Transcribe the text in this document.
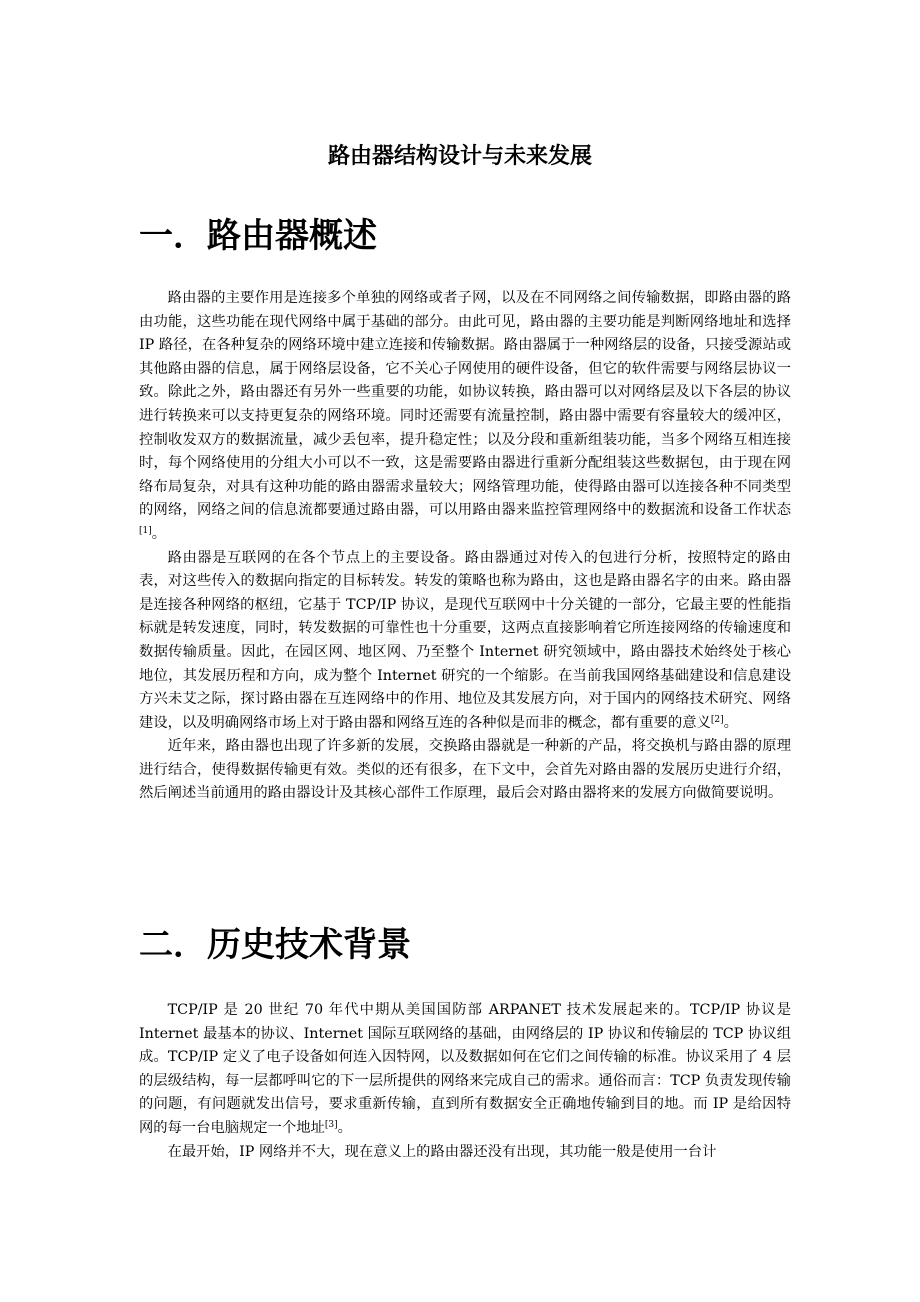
路由器结构设计与未来发展
一．路由器概述

路由器的主要作用是连接多个单独的网络或者子网，以及在不同网络之间传输数据，即路由器的路由功能，这些功能在现代网络中属于基础的部分。由此可见，路由器的主要功能是判断网络地址和选择 IP 路径，在各种复杂的网络环境中建立连接和传输数据。路由器属于一种网络层的设备，只接受源站或其他路由器的信息，属于网络层设备，它不关心子网使用的硬件设备，但它的软件需要与网络层协议一致。除此之外，路由器还有另外一些重要的功能，如协议转换，路由器可以对网络层及以下各层的协议进行转换来可以支持更复杂的网络环境。同时还需要有流量控制，路由器中需要有容量较大的缓冲区，控制收发双方的数据流量，减少丢包率，提升稳定性；以及分段和重新组装功能，当多个网络互相连接时，每个网络使用的分组大小可以不一致，这是需要路由器进行重新分配组装这些数据包，由于现在网络布局复杂，对具有这种功能的路由器需求量较大；网络管理功能，使得路由器可以连接各种不同类型的网络，网络之间的信息流都要通过路由器，可以用路由器来监控管理网络中的数据流和设备工作状态[1]。

路由器是互联网的在各个节点上的主要设备。路由器通过对传入的包进行分析，按照特定的路由表，对这些传入的数据向指定的目标转发。转发的策略也称为路由，这也是路由器名字的由来。路由器是连接各种网络的枢纽，它基于 TCP/IP 协议，是现代互联网中十分关键的一部分，它最主要的性能指标就是转发速度，同时，转发数据的可靠性也十分重要，这两点直接影响着它所连接网络的传输速度和数据传输质量。因此，在园区网、地区网、乃至整个 Internet 研究领域中，路由器技术始终处于核心地位，其发展历程和方向，成为整个 Internet 研究的一个缩影。在当前我国网络基础建设和信息建设方兴未艾之际，探讨路由器在互连网络中的作用、地位及其发展方向，对于国内的网络技术研究、网络建设，以及明确网络市场上对于路由器和网络互连的各种似是而非的概念，都有重要的意义[2]。

近年来，路由器也出现了许多新的发展，交换路由器就是一种新的产品，将交换机与路由器的原理进行结合，使得数据传输更有效。类似的还有很多，在下文中，会首先对路由器的发展历史进行介绍，然后阐述当前通用的路由器设计及其核心部件工作原理，最后会对路由器将来的发展方向做简要说明。

二．历史技术背景

TCP/IP 是 20 世纪 70 年代中期从美国国防部 ARPANET 技术发展起来的。TCP/IP 协议是 Internet 最基本的协议、Internet 国际互联网络的基础，由网络层的 IP 协议和传输层的 TCP 协议组成。TCP/IP 定义了电子设备如何连入因特网，以及数据如何在它们之间传输的标准。协议采用了 4 层的层级结构，每一层都呼叫它的下一层所提供的网络来完成自己的需求。通俗而言：TCP 负责发现传输的问题，有问题就发出信号，要求重新传输，直到所有数据安全正确地传输到目的地。而 IP 是给因特网的每一台电脑规定一个地址[3]。

在最开始，IP 网络并不大，现在意义上的路由器还没有出现，其功能一般是使用一台计
